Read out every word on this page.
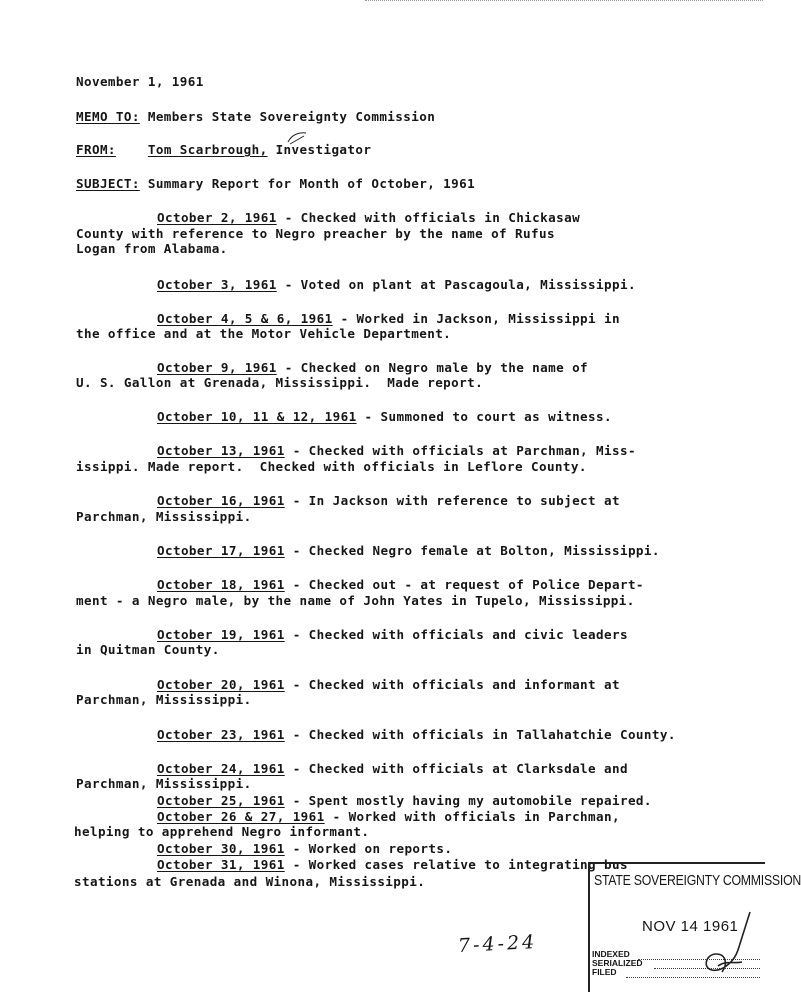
November 1, 1961
MEMO TO: Members State Sovereignty Commission
FROM:	Tom Scarbrough, Investigator
SUBJECT: Summary Report for Month of October, 1961
October 2, 1961 - Checked with officials in Chickasaw
County with reference to Negro preacher by the name of Rufus
Logan from Alabama.
October 3, 1961 - Voted on plant at Pascagoula, Mississippi.
October 4, 5 & 6, 1961 - Worked in Jackson, Mississippi in
the office and at the Motor Vehicle Department.
October 9, 1961 - Checked on Negro male by the name of
U. S. Gallon at Grenada, Mississippi.  Made report.
October 10, 11 & 12, 1961 - Summoned to court as witness.
October 13, 1961 - Checked with officials at Parchman, Miss-
issippi. Made report.  Checked with officials in Leflore County.
October 16, 1961 - In Jackson with reference to subject at
Parchman, Mississippi.
October 17, 1961 - Checked Negro female at Bolton, Mississippi.
October 18, 1961 - Checked out - at request of Police Depart-
ment - a Negro male, by the name of John Yates in Tupelo, Mississippi.
October 19, 1961 - Checked with officials and civic leaders
in Quitman County.
October 20, 1961 - Checked with officials and informant at
Parchman, Mississippi.
October 23, 1961 - Checked with officials in Tallahatchie County.
October 24, 1961 - Checked with officials at Clarksdale and
Parchman, Mississippi.
October 25, 1961 - Spent mostly having my automobile repaired.
October 26 & 27, 1961 - Worked with officials in Parchman,
helping to apprehend Negro informant.
October 30, 1961 - Worked on reports.
October 31, 1961 - Worked cases relative to integrating bus
stations at Grenada and Winona, Mississippi.
7-4-24
STATE SOVEREIGNTY COMMISSION
NOV 14 1961
INDEXED
SERIALIZED
FILED
